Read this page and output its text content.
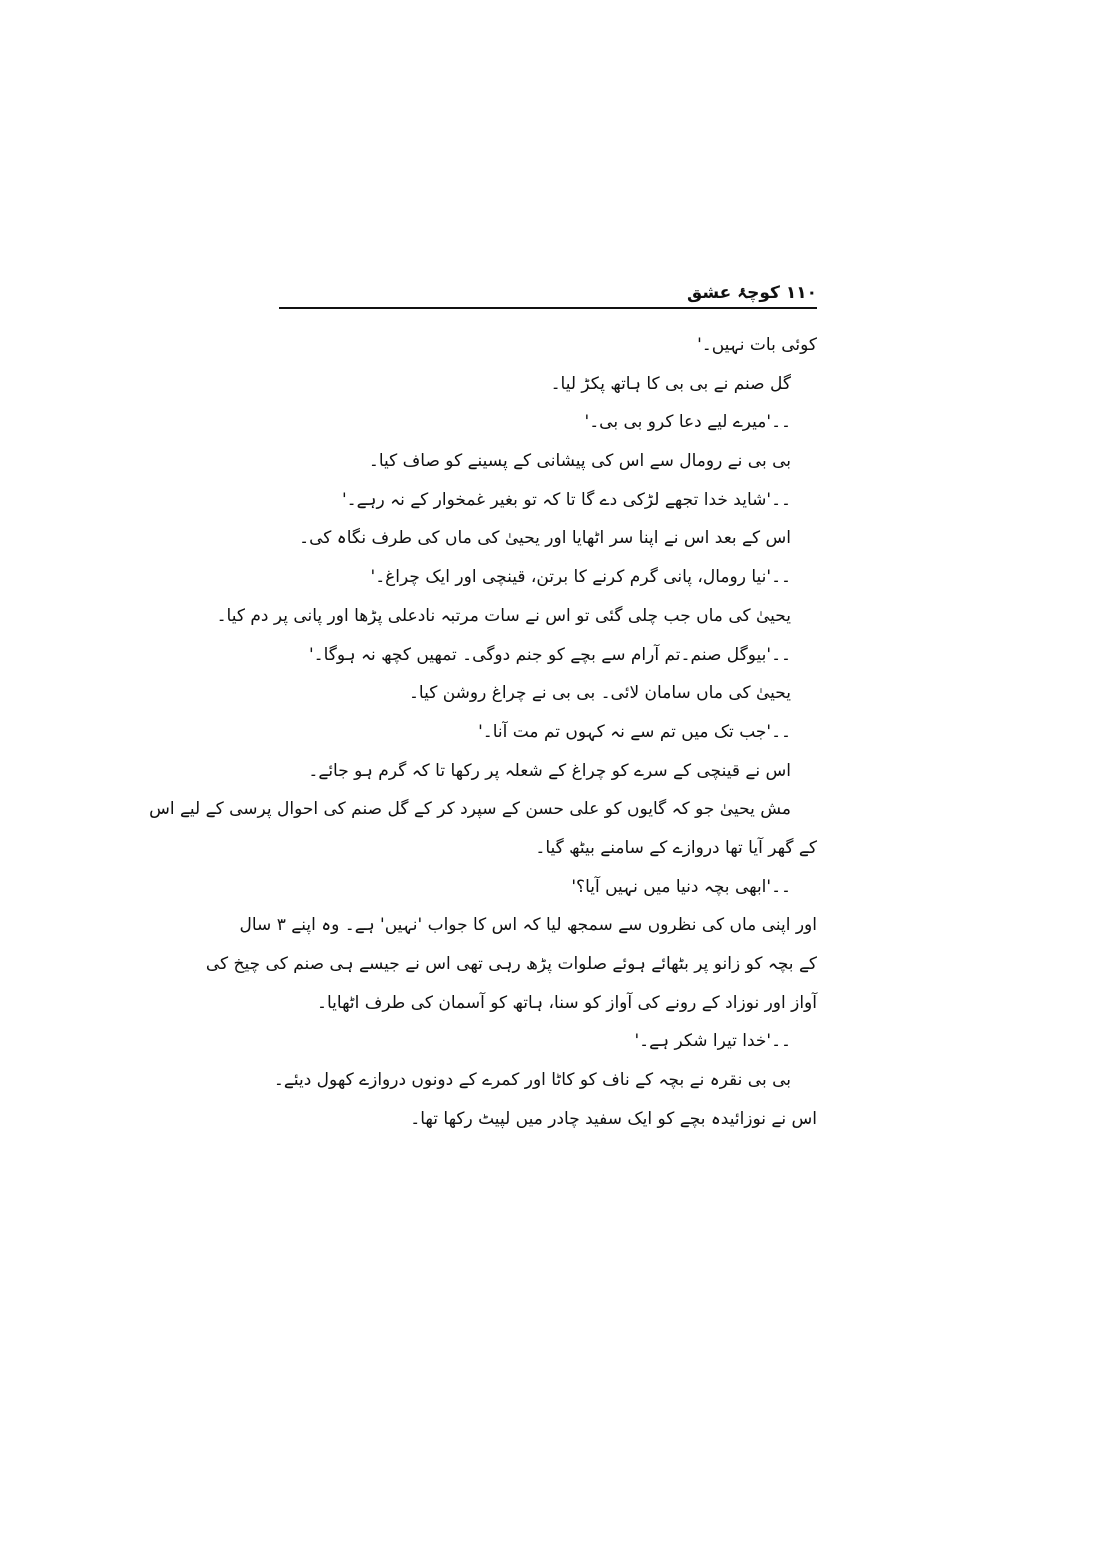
۱۱۰ کوچۂ عشق
کوئی بات نہیں۔'
گل صنم نے بی بی کا ہاتھ پکڑ لیا۔
۔۔'میرے لیے دعا کرو بی بی۔'
بی بی نے رومال سے اس کی پیشانی کے پسینے کو صاف کیا۔
۔۔'شاید خدا تجھے لڑکی دے گا تا کہ تو بغیر غمخوار کے نہ رہے۔'
اس کے بعد اس نے اپنا سر اٹھایا اور یحییٰ کی ماں کی طرف نگاہ کی۔
۔۔'نیا رومال، پانی گرم کرنے کا برتن، قینچی اور ایک چراغ۔'
یحییٰ کی ماں جب چلی گئی تو اس نے سات مرتبہ نادعلی پڑھا اور پانی پر دم کیا۔
۔۔'بیوگل صنم۔تم آرام سے بچے کو جنم دوگی۔ تمھیں کچھ نہ ہوگا۔'
یحییٰ کی ماں سامان لائی۔ بی بی نے چراغ روشن کیا۔
۔۔'جب تک میں تم سے نہ کہوں تم مت آنا۔'
اس نے قینچی کے سرے کو چراغ کے شعلہ پر رکھا تا کہ گرم ہو جائے۔
مش یحییٰ جو کہ گایوں کو علی حسن کے سپرد کر کے گل صنم کی احوال پرسی کے لیے اس
کے گھر آیا تھا دروازے کے سامنے بیٹھ گیا۔
۔۔'ابھی بچہ دنیا میں نہیں آیا؟'
اور اپنی ماں کی نظروں سے سمجھ لیا کہ اس کا جواب 'نہیں' ہے۔ وہ اپنے ۳ سال
کے بچہ کو زانو پر بٹھائے ہوئے صلوات پڑھ رہی تھی اس نے جیسے ہی صنم کی چیخ کی
آواز اور نوزاد کے رونے کی آواز کو سنا، ہاتھ کو آسمان کی طرف اٹھایا۔
۔۔'خدا تیرا شکر ہے۔'
بی بی نقرہ نے بچہ کے ناف کو کاٹا اور کمرے کے دونوں دروازے کھول دیئے۔
اس نے نوزائیدہ بچے کو ایک سفید چادر میں لپیٹ رکھا تھا۔
